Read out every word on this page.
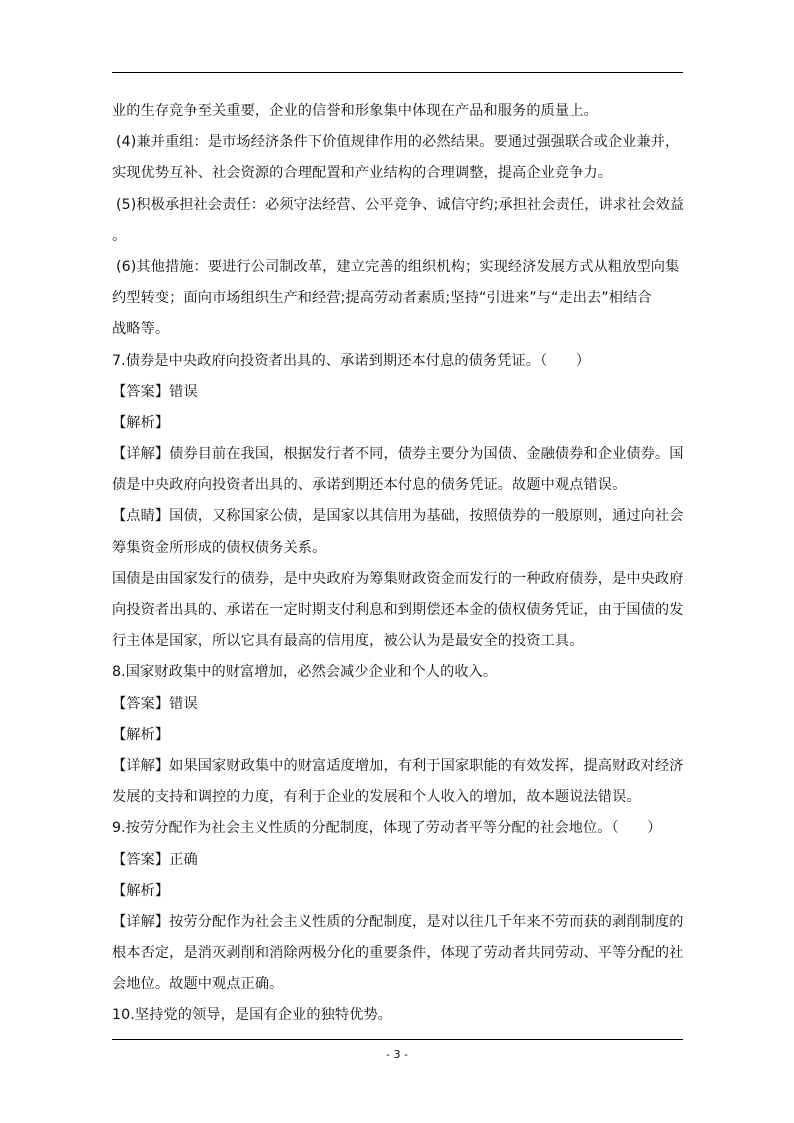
业的生存竞争至关重要，企业的信誉和形象集中体现在产品和服务的质量上。
(4)兼并重组：是市场经济条件下价值规律作用的必然结果。要通过强强联合或企业兼并，
实现优势互补、社会资源的合理配置和产业结构的合理调整，提高企业竞争力。
(5)积极承担社会责任：必须守法经营、公平竞争、诚信守约;承担社会责任，讲求社会效益
。
(6)其他措施：要进行公司制改革，建立完善的组织机构；实现经济发展方式从粗放型向集
约型转变；面向市场组织生产和经营;提高劳动者素质;坚持“引进来”与“走出去”相结合
战略等。
7.债券是中央政府向投资者出具的、承诺到期还本付息的债务凭证。（　　）
【答案】错误
【解析】
【详解】债券目前在我国，根据发行者不同，债券主要分为国债、金融债券和企业债券。国
债是中央政府向投资者出具的、承诺到期还本付息的债务凭证。故题中观点错误。
【点睛】国债，又称国家公债，是国家以其信用为基础，按照债券的一般原则，通过向社会
筹集资金所形成的债权债务关系。
国债是由国家发行的债券，是中央政府为筹集财政资金而发行的一种政府债券，是中央政府
向投资者出具的、承诺在一定时期支付利息和到期偿还本金的债权债务凭证，由于国债的发
行主体是国家，所以它具有最高的信用度，被公认为是最安全的投资工具。
8.国家财政集中的财富增加，必然会减少企业和个人的收入。
【答案】错误
【解析】
【详解】如果国家财政集中的财富适度增加，有利于国家职能的有效发挥，提高财政对经济
发展的支持和调控的力度，有利于企业的发展和个人收入的增加，故本题说法错误。
9.按劳分配作为社会主义性质的分配制度，体现了劳动者平等分配的社会地位。（　　）
【答案】正确
【解析】
【详解】按劳分配作为社会主义性质的分配制度，是对以往几千年来不劳而获的剥削制度的
根本否定，是消灭剥削和消除两极分化的重要条件，体现了劳动者共同劳动、平等分配的社
会地位。故题中观点正确。
10.坚持党的领导，是国有企业的独特优势。
- 3 -
